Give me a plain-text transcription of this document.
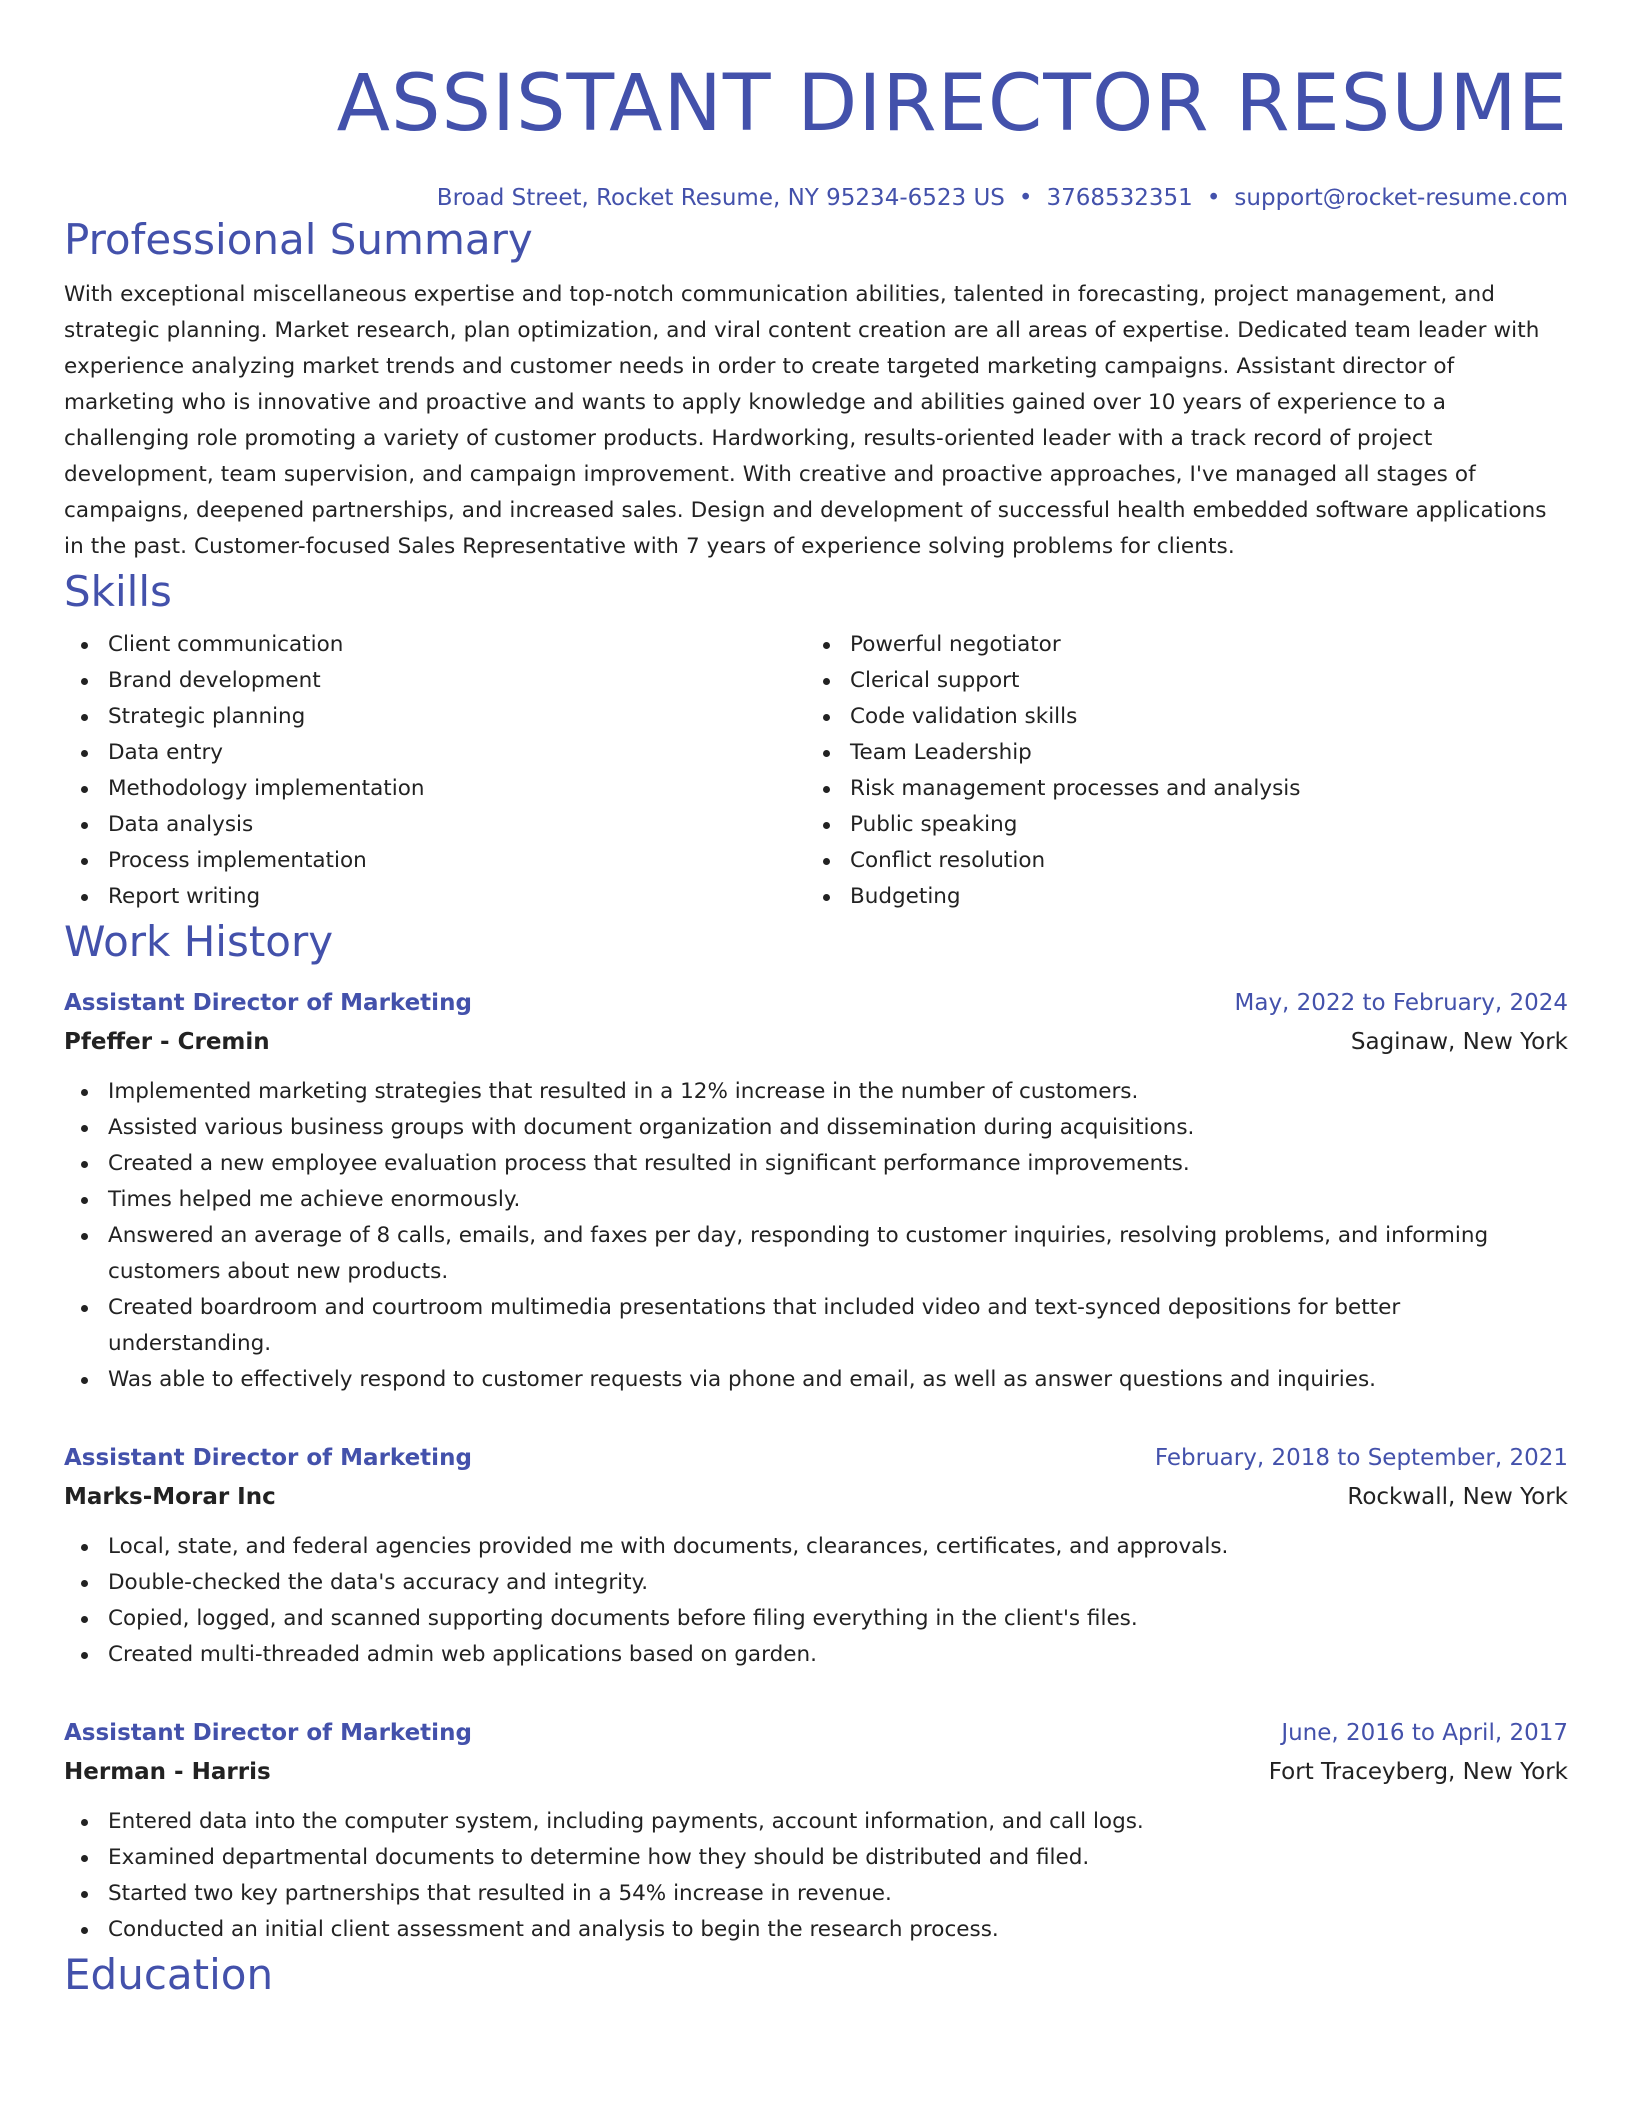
ASSISTANT DIRECTOR RESUME
Broad Street, Rocket Resume, NY 95234-6523 US • 3768532351 • support@rocket-resume.com
Professional Summary
With exceptional miscellaneous expertise and top-notch communication abilities, talented in forecasting, project management, and strategic planning. Market research, plan optimization, and viral content creation are all areas of expertise. Dedicated team leader with experience analyzing market trends and customer needs in order to create targeted marketing campaigns. Assistant director of marketing who is innovative and proactive and wants to apply knowledge and abilities gained over 10 years of experience to a challenging role promoting a variety of customer products. Hardworking, results-oriented leader with a track record of project development, team supervision, and campaign improvement. With creative and proactive approaches, I've managed all stages of campaigns, deepened partnerships, and increased sales. Design and development of successful health embedded software applications in the past. Customer-focused Sales Representative with 7 years of experience solving problems for clients.
Skills
Client communication
Brand development
Strategic planning
Data entry
Methodology implementation
Data analysis
Process implementation
Report writing
Powerful negotiator
Clerical support
Code validation skills
Team Leadership
Risk management processes and analysis
Public speaking
Conflict resolution
Budgeting
Work History
Assistant Director of Marketing	May, 2022 to February, 2024
Pfeffer - Cremin	Saginaw, New York
Implemented marketing strategies that resulted in a 12% increase in the number of customers.
Assisted various business groups with document organization and dissemination during acquisitions.
Created a new employee evaluation process that resulted in significant performance improvements.
Times helped me achieve enormously.
Answered an average of 8 calls, emails, and faxes per day, responding to customer inquiries, resolving problems, and informing customers about new products.
Created boardroom and courtroom multimedia presentations that included video and text-synced depositions for better understanding.
Was able to effectively respond to customer requests via phone and email, as well as answer questions and inquiries.
Assistant Director of Marketing	February, 2018 to September, 2021
Marks-Morar Inc	Rockwall, New York
Local, state, and federal agencies provided me with documents, clearances, certificates, and approvals.
Double-checked the data's accuracy and integrity.
Copied, logged, and scanned supporting documents before filing everything in the client's files.
Created multi-threaded admin web applications based on garden.
Assistant Director of Marketing	June, 2016 to April, 2017
Herman - Harris	Fort Traceyberg, New York
Entered data into the computer system, including payments, account information, and call logs.
Examined departmental documents to determine how they should be distributed and filed.
Started two key partnerships that resulted in a 54% increase in revenue.
Conducted an initial client assessment and analysis to begin the research process.
Education
